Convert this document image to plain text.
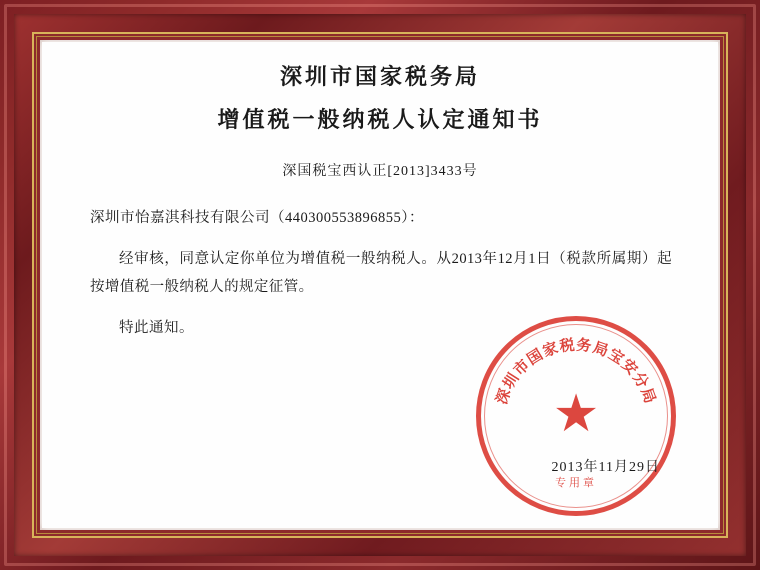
深圳市国家税务局
增值税一般纳税人认定通知书

深国税宝西认正[2013]3433号

深圳市怡嘉淇科技有限公司（440300553896855）：

经审核，同意认定你单位为增值税一般纳税人。从2013年12月1日（税款所属期）起按增值税一般纳税人的规定征管。

特此通知。

深圳市国家税务局宝安分局
★
专用章
2013年11月29日
